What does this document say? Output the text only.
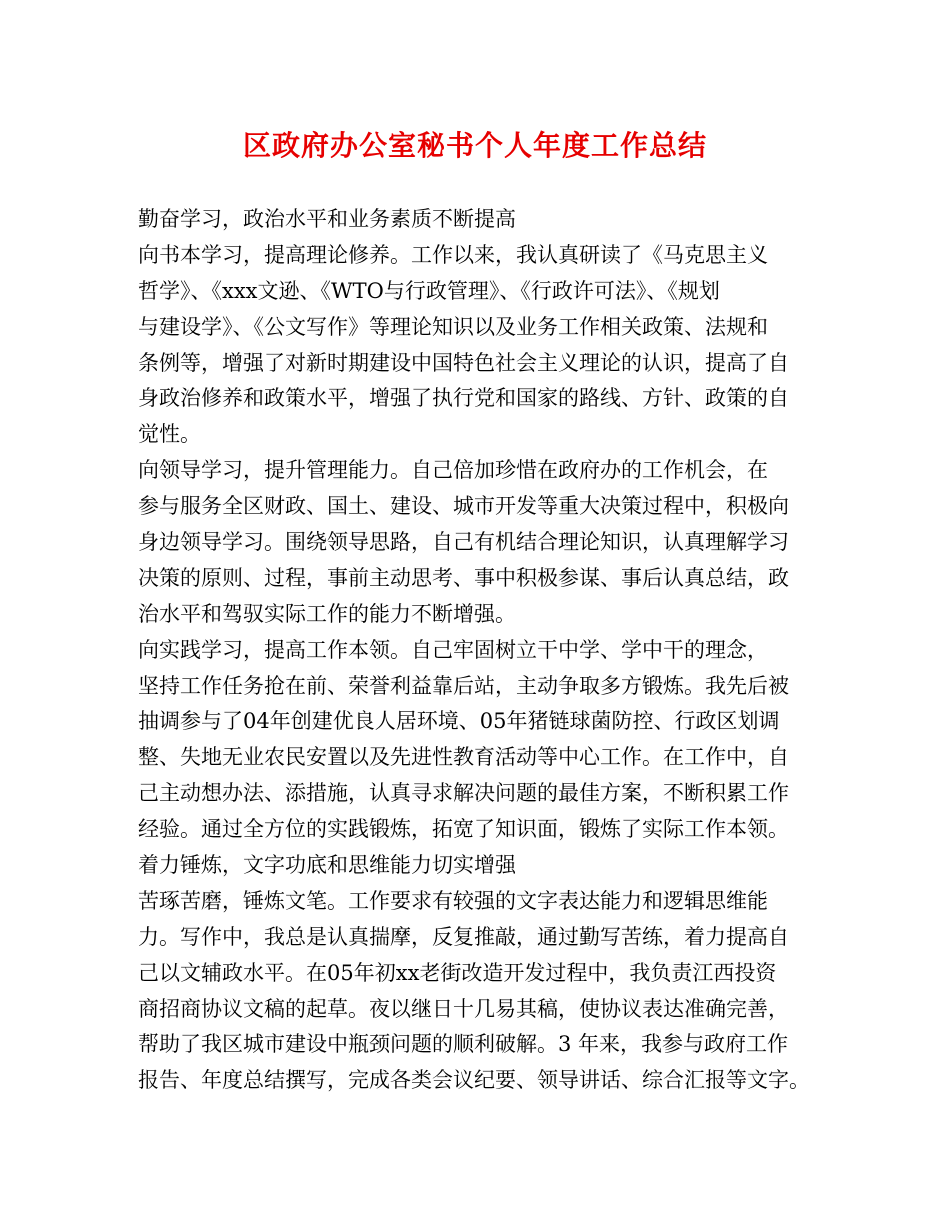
区政府办公室秘书个人年度工作总结
勤奋学习，政治水平和业务素质不断提高
向书本学习，提高理论修养。工作以来，我认真研读了《马克思主义
哲学》、《xxx文逊、《WTO与行政管理》、《行政许可法》、《规划
与建设学》、《公文写作》等理论知识以及业务工作相关政策、法规和
条例等，增强了对新时期建设中国特色社会主义理论的认识，提高了自
身政治修养和政策水平，增强了执行党和国家的路线、方针、政策的自
觉性。
向领导学习，提升管理能力。自己倍加珍惜在政府办的工作机会，在
参与服务全区财政、国土、建设、城市开发等重大决策过程中，积极向
身边领导学习。围绕领导思路，自己有机结合理论知识，认真理解学习
决策的原则、过程，事前主动思考、事中积极参谋、事后认真总结，政
治水平和驾驭实际工作的能力不断增强。
向实践学习，提高工作本领。自己牢固树立干中学、学中干的理念，
坚持工作任务抢在前、荣誉利益靠后站，主动争取多方锻炼。我先后被
抽调参与了04年创建优良人居环境、05年猪链球菌防控、行政区划调
整、失地无业农民安置以及先进性教育活动等中心工作。在工作中，自
己主动想办法、添措施，认真寻求解决问题的最佳方案，不断积累工作
经验。通过全方位的实践锻炼，拓宽了知识面，锻炼了实际工作本领。
着力锤炼，文字功底和思维能力切实增强
苦琢苦磨，锤炼文笔。工作要求有较强的文字表达能力和逻辑思维能
力。写作中，我总是认真揣摩，反复推敲，通过勤写苦练，着力提高自
己以文辅政水平。在05年初xx老街改造开发过程中，我负责江西投资
商招商协议文稿的起草。夜以继日十几易其稿，使协议表达准确完善，
帮助了我区城市建设中瓶颈问题的顺利破解。3 年来，我参与政府工作
报告、年度总结撰写，完成各类会议纪要、领导讲话、综合汇报等文字。
